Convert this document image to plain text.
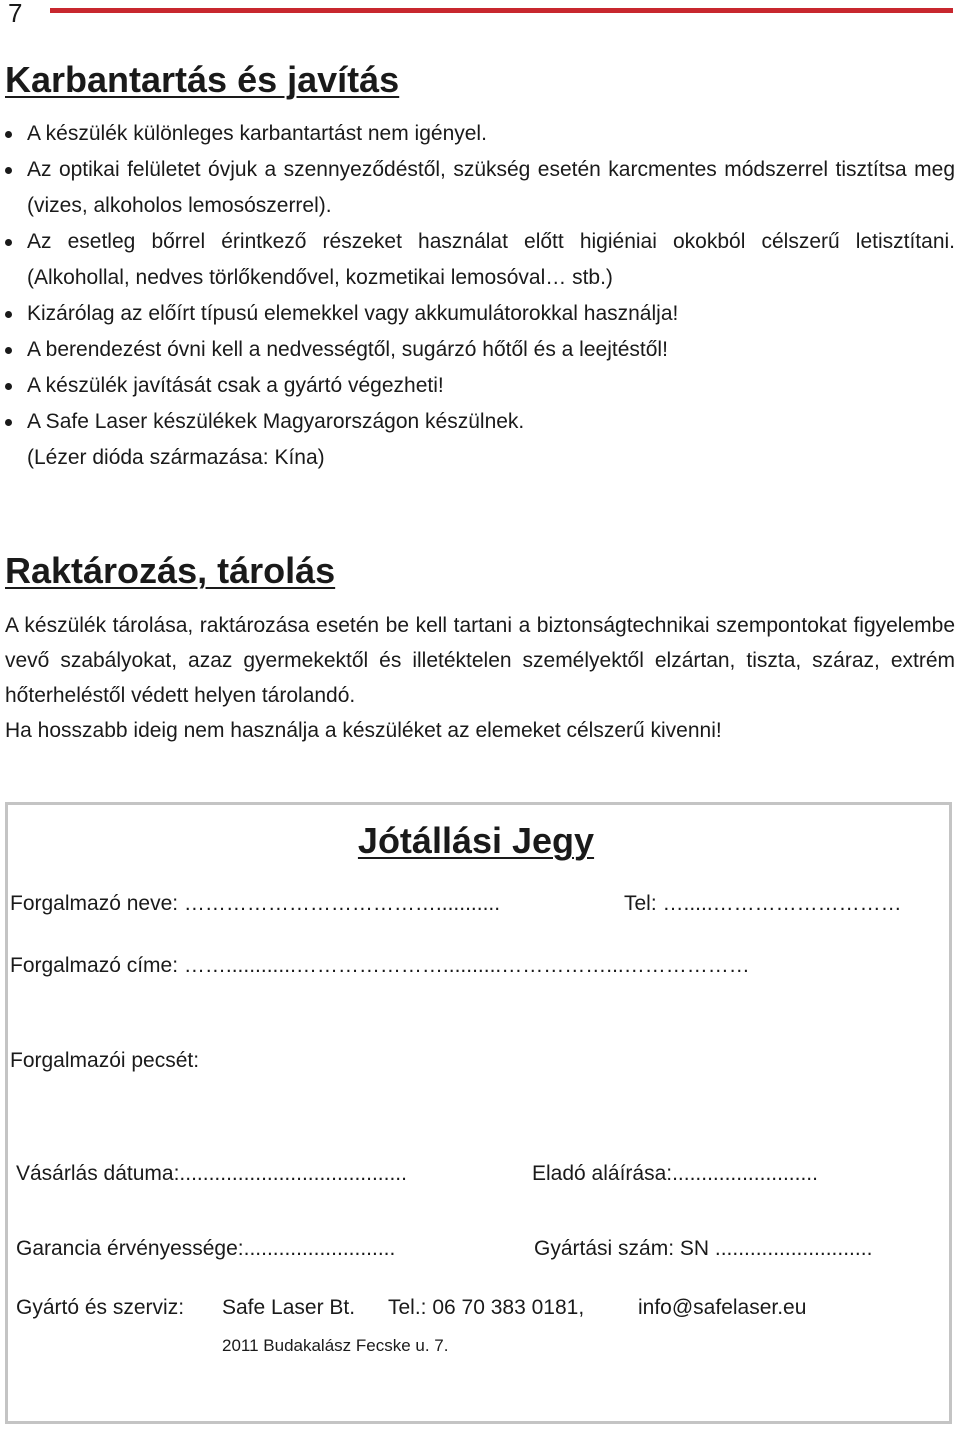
7
Karbantartás és javítás
A készülék különleges karbantartást nem igényel.
Az optikai felületet óvjuk a szennyeződéstől, szükség esetén karcmentes módszerrel tisztítsa meg (vizes, alkoholos lemosószerrel).
Az esetleg bőrrel érintkező részeket használat előtt higiéniai okokból célszerű letisztítani. (Alkohollal, nedves törlőkendővel, kozmetikai lemosóval… stb.)
Kizárólag az előírt típusú elemekkel vagy akkumulátorokkal használja!
A berendezést óvni kell a nedvességtől, sugárzó hőtől és a leejtéstől!
A készülék javítását csak a gyártó végezheti!
A Safe Laser készülékek Magyarországon készülnek.
(Lézer dióda származása: Kína)
Raktározás, tárolás

A készülék tárolása, raktározása esetén be kell tartani a biztonságtechnikai szempontokat figyelembe vevő szabályokat, azaz gyermekektől és illetéktelen személyektől elzártan, tiszta, száraz, extrém hőterheléstől védett helyen tárolandó.

Ha hosszabb ideig nem használja a készüléket az elemeket célszerű kivenni!

Jótállási Jegy
Forgalmazó neve: ………………………………...........	Tel: ….....………………………
Forgalmazó címe: ……............…………………..........……………...………………
Forgalmazói pecsét:
Vásárlás dátuma:.......................................	Eladó aláírása:.........................
Garancia érvényessége:..........................	Gyártási szám: SN ...........................
Gyártó és szerviz: Safe Laser Bt. Tel.: 06 70 383 0181,	info@safelaser.eu
2011 Budakalász Fecske u. 7.
